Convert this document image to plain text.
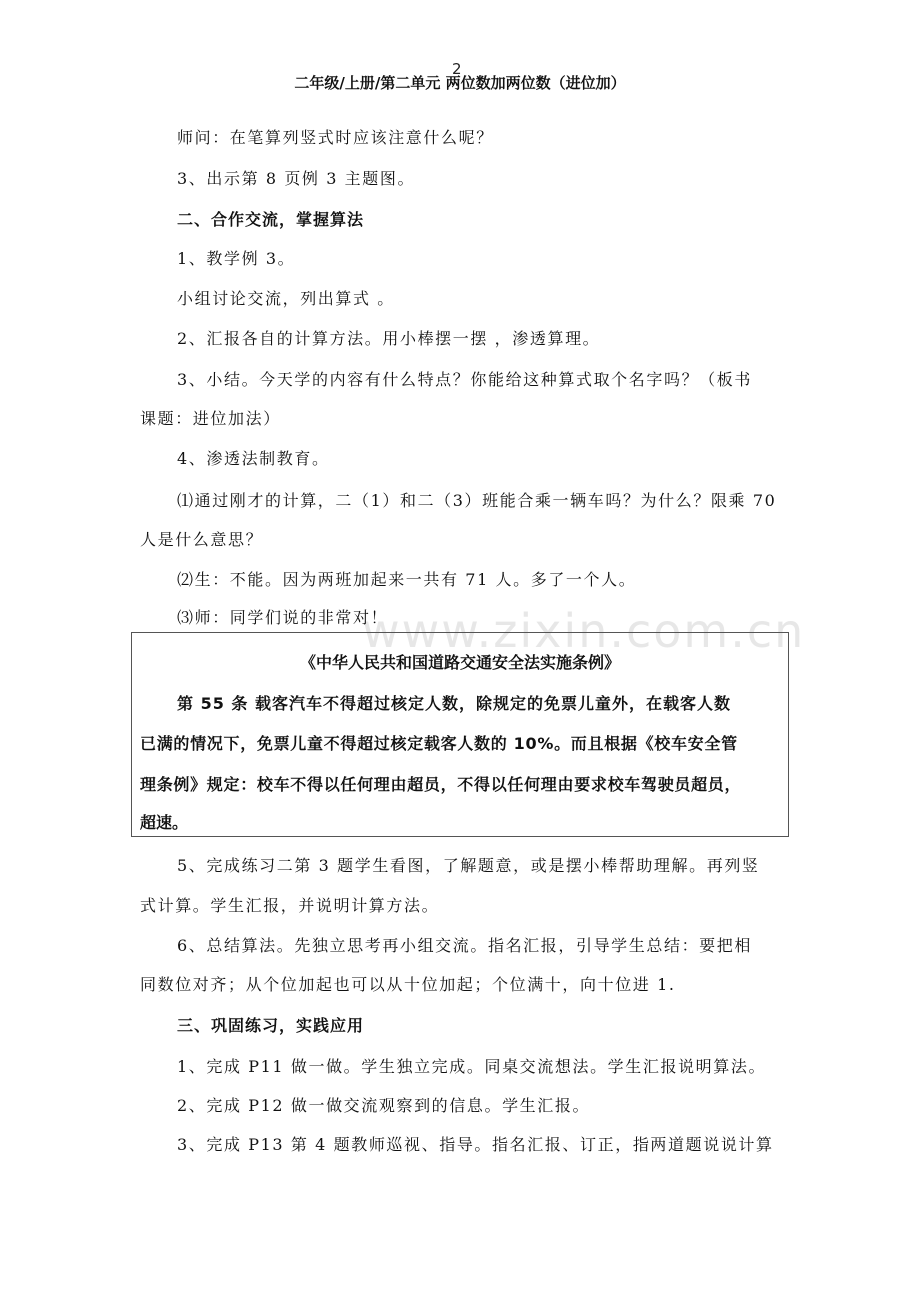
2
二年级/上册/第二单元 两位数加两位数（进位加）
www.zixin.com.cn
师问：在笔算列竖式时应该注意什么呢？
3、出示第 8 页例 3 主题图。
二、合作交流，掌握算法
1、教学例 3。
小组讨论交流，列出算式 。
2、汇报各自的计算方法。用小棒摆一摆 ，渗透算理。
3、小结。今天学的内容有什么特点？你能给这种算式取个名字吗？（板书
课题：进位加法）
4、渗透法制教育。
⑴通过刚才的计算，二（1）和二（3）班能合乘一辆车吗？为什么？限乘 70
人是什么意思？
⑵生：不能。因为两班加起来一共有 71 人。多了一个人。
⑶师：同学们说的非常对！
《中华人民共和国道路交通安全法实施条例》
第 55 条 载客汽车不得超过核定人数，除规定的免票儿童外，在载客人数
已满的情况下，免票儿童不得超过核定载客人数的 10%。而且根据《校车安全管
理条例》规定：校车不得以任何理由超员，不得以任何理由要求校车驾驶员超员，
超速。
5、完成练习二第 3 题学生看图，了解题意，或是摆小棒帮助理解。再列竖
式计算。学生汇报，并说明计算方法。
6、总结算法。先独立思考再小组交流。指名汇报，引导学生总结：要把相
同数位对齐；从个位加起也可以从十位加起；个位满十，向十位进 1.
三、巩固练习，实践应用
1、完成 P11 做一做。学生独立完成。同桌交流想法。学生汇报说明算法。
2、完成 P12 做一做交流观察到的信息。学生汇报。
3、完成 P13 第 4 题教师巡视、指导。指名汇报、订正，指两道题说说计算
